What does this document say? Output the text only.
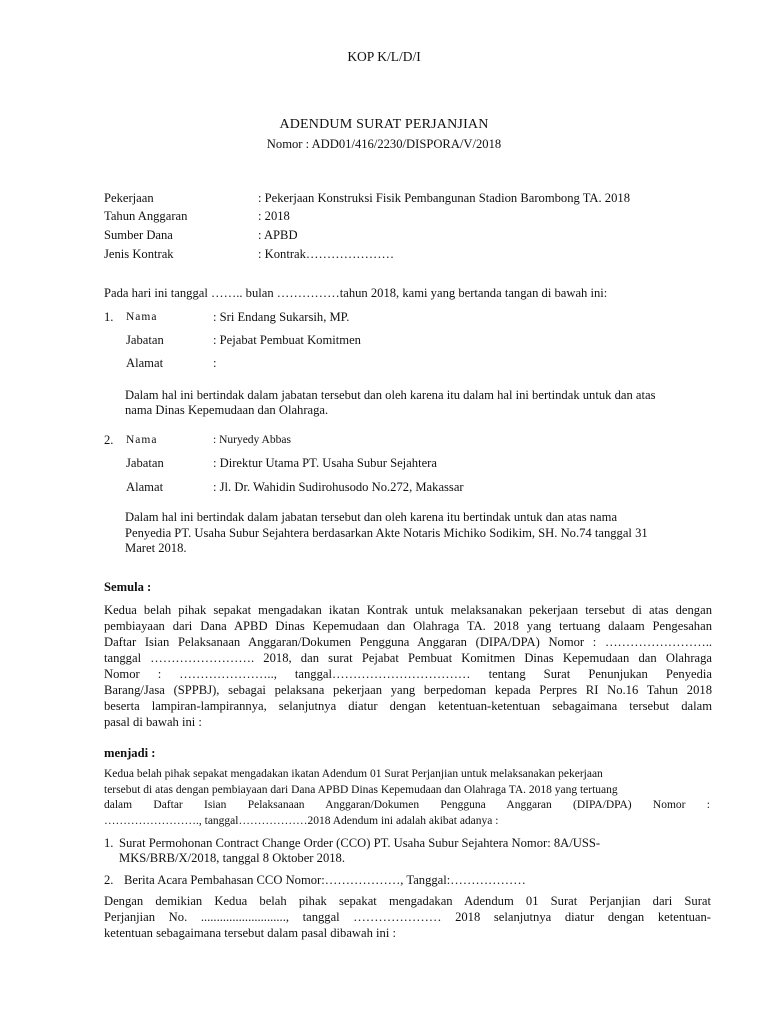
KOP K/L/D/I
ADENDUM SURAT PERJANJIAN
Nomor : ADD01/416/2230/DISPORA/V/2018
Pekerjaan	: Pekerjaan Konstruksi Fisik Pembangunan Stadion Barombong TA. 2018
Tahun Anggaran	: 2018
Sumber Dana	: APBD
Jenis Kontrak	: Kontrak…………………
Pada hari ini tanggal …….. bulan ……………tahun 2018, kami yang bertanda tangan di bawah ini:
1. Nama	: Sri Endang Sukarsih, MP.
Jabatan	: Pejabat Pembuat Komitmen
Alamat	:
Dalam hal ini bertindak dalam jabatan tersebut dan oleh karena itu dalam hal ini bertindak untuk dan atas
nama Dinas Kepemudaan dan Olahraga.
2. Nama	: Nuryedy Abbas
Jabatan	: Direktur Utama PT. Usaha Subur Sejahtera
Alamat	: Jl. Dr. Wahidin Sudirohusodo No.272, Makassar
Dalam hal ini bertindak dalam jabatan tersebut dan oleh karena itu bertindak untuk dan atas nama
Penyedia PT. Usaha Subur Sejahtera berdasarkan Akte Notaris Michiko Sodikim, SH. No.74 tanggal 31
Maret 2018.
Semula :
Kedua belah pihak sepakat mengadakan ikatan Kontrak untuk melaksanakan pekerjaan tersebut di atas dengan
pembiayaan dari Dana APBD Dinas Kepemudaan dan Olahraga TA. 2018 yang tertuang dalaam Pengesahan
Daftar Isian Pelaksanaan Anggaran/Dokumen Pengguna Anggaran (DIPA/DPA) Nomor : ……………………..
tanggal ……………………. 2018, dan surat Pejabat Pembuat Komitmen Dinas Kepemudaan dan Olahraga
Nomor : ………………….., tanggal…………………………… tentang Surat Penunjukan Penyedia
Barang/Jasa (SPPBJ), sebagai pelaksana pekerjaan yang berpedoman kepada Perpres RI No.16 Tahun 2018
beserta lampiran-lampirannya, selanjutnya diatur dengan ketentuan-ketentuan sebagaimana tersebut dalam
pasal di bawah ini :
menjadi :
Kedua belah pihak sepakat mengadakan ikatan Adendum 01 Surat Perjanjian untuk melaksanakan pekerjaan
tersebut di atas dengan pembiayaan dari Dana APBD Dinas Kepemudaan dan Olahraga TA. 2018 yang tertuang
dalam Daftar Isian Pelaksanaan Anggaran/Dokumen Pengguna Anggaran (DIPA/DPA) Nomor :
……………………., tanggal………………2018 Adendum ini adalah akibat adanya :
1. Surat Permohonan Contract Change Order (CCO) PT. Usaha Subur Sejahtera Nomor: 8A/USS-
MKS/BRB/X/2018, tanggal 8 Oktober 2018.
2. Berita Acara Pembahasan CCO Nomor:………………, Tanggal:………………
Dengan demikian Kedua belah pihak sepakat mengadakan Adendum 01 Surat Perjanjian dari Surat
Perjanjian No. ..........................., tanggal ………………… 2018 selanjutnya diatur dengan ketentuan-
ketentuan sebagaimana tersebut dalam pasal dibawah ini :
